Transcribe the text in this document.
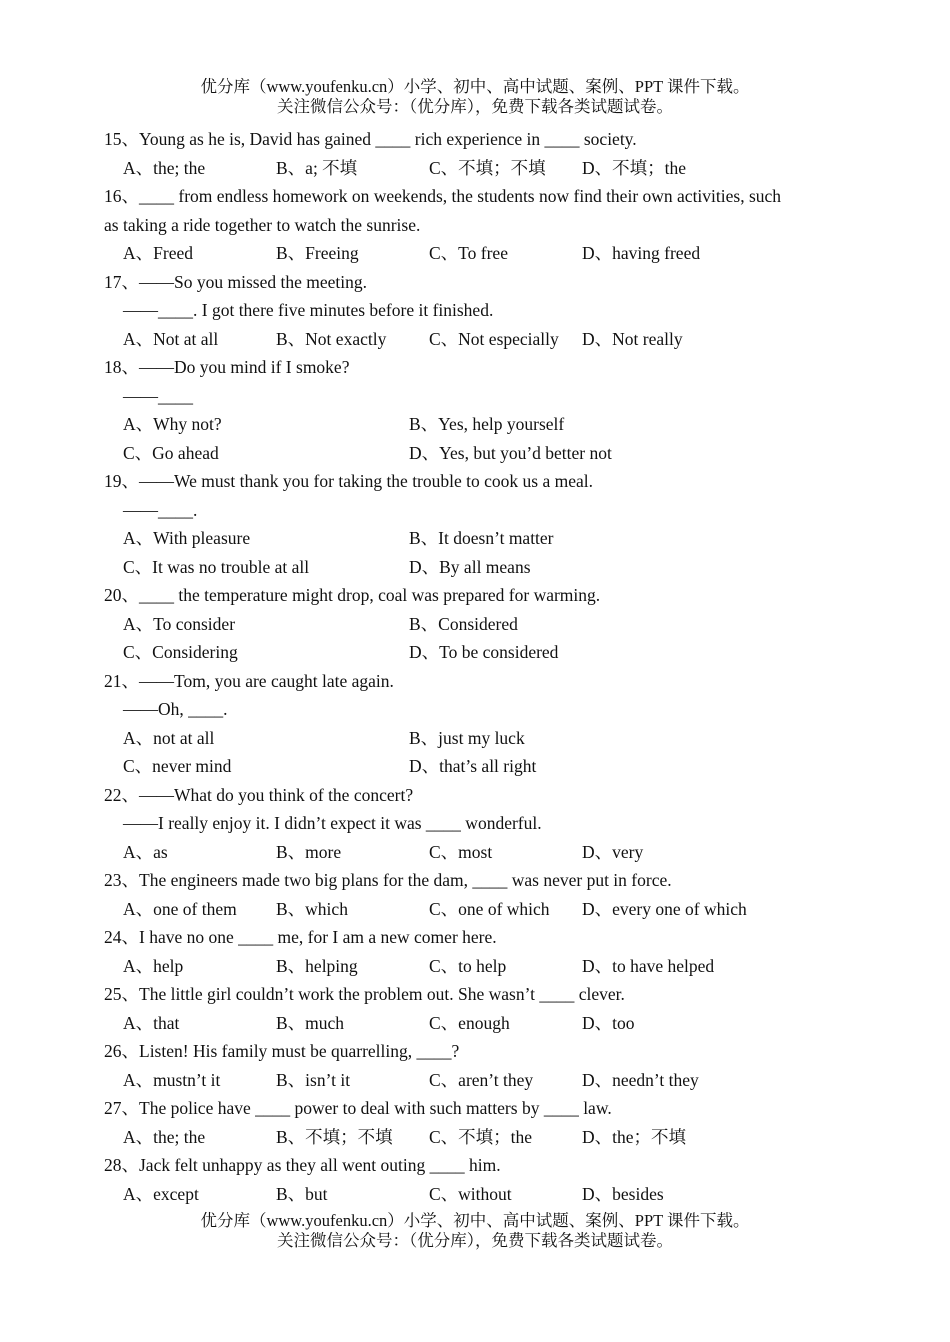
优分库（www.youfenku.cn）小学、初中、高中试题、案例、PPT 课件下载。
关注微信公众号：（优分库），免费下载各类试题试卷。
15、Young as he is, David has gained ____ rich experience in ____ society.
A、the; the	B、a; 不填	C、不填；不填	D、不填；the
16、____ from endless homework on weekends, the students now find their own activities, such
as taking a ride together to watch the sunrise.
A、Freed	B、Freeing	C、To free	D、having freed
17、——So you missed the meeting.
——____. I got there five minutes before it finished.
A、Not at all	B、Not exactly	C、Not especially	D、Not really
18、——Do you mind if I smoke?
——____
A、Why not?	B、Yes, help yourself
C、Go ahead	D、Yes, but you’d better not
19、——We must thank you for taking the trouble to cook us a meal.
——____.
A、With pleasure	B、It doesn’t matter
C、It was no trouble at all	D、By all means
20、____ the temperature might drop, coal was prepared for warming.
A、To consider	B、Considered
C、Considering	D、To be considered
21、——Tom, you are caught late again.
——Oh, ____.
A、not at all	B、just my luck
C、never mind	D、that’s all right
22、——What do you think of the concert?
——I really enjoy it. I didn’t expect it was ____ wonderful.
A、as	B、more	C、most	D、very
23、The engineers made two big plans for the dam, ____ was never put in force.
A、one of them	B、which	C、one of which	D、every one of which
24、I have no one ____ me, for I am a new comer here.
A、help	B、helping	C、to help	D、to have helped
25、The little girl couldn’t work the problem out. She wasn’t ____ clever.
A、that	B、much	C、enough	D、too
26、Listen! His family must be quarrelling, ____?
A、mustn’t it	B、isn’t it	C、aren’t they	D、needn’t they
27、The police have ____ power to deal with such matters by ____ law.
A、the; the	B、不填；不填	C、不填；the	D、the；不填
28、Jack felt unhappy as they all went outing ____ him.
A、except	B、but	C、without	D、besides
优分库（www.youfenku.cn）小学、初中、高中试题、案例、PPT 课件下载。
关注微信公众号：（优分库），免费下载各类试题试卷。
